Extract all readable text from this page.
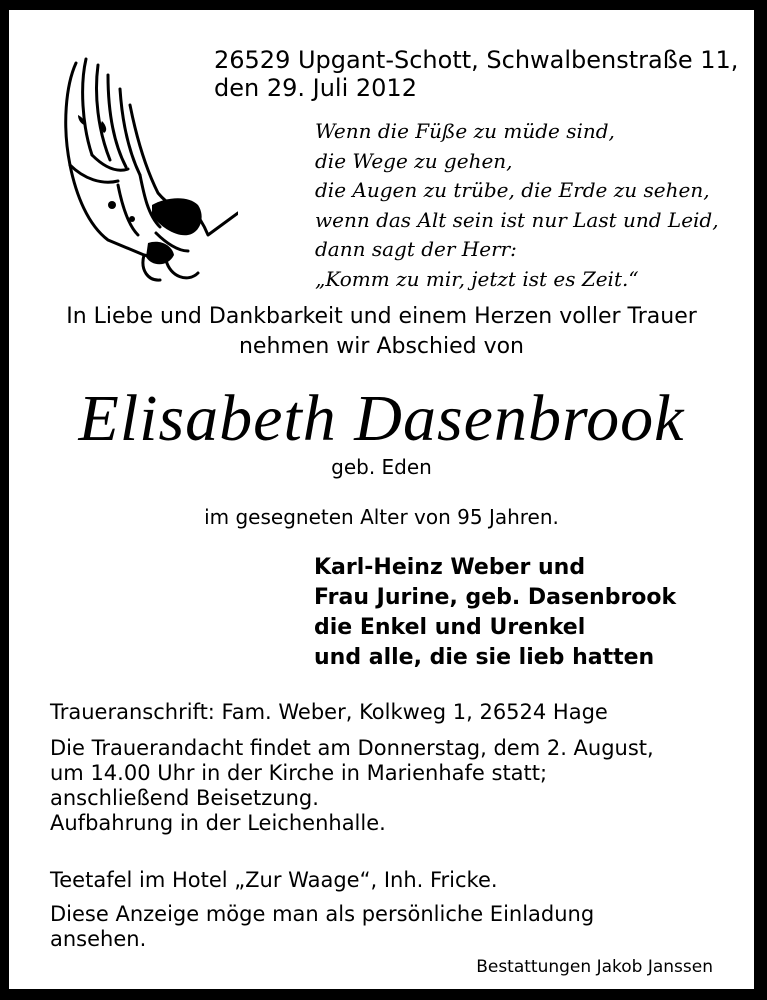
26529 Upgant-Schott, Schwalbenstraße 11,

den 29. Juli 2012

Wenn die Füße zu müde sind,
die Wege zu gehen,
die Augen zu trübe, die Erde zu sehen,
wenn das Alt sein ist nur Last und Leid,
dann sagt der Herr:
„Komm zu mir, jetzt ist es Zeit.“
In Liebe und Dankbarkeit und einem Herzen voller Trauer
nehmen wir Abschied von

Elisabeth Dasenbrook

geb. Eden

im gesegneten Alter von 95 Jahren.

Karl-Heinz Weber und
Frau Jurine, geb. Dasenbrook
die Enkel und Urenkel
und alle, die sie lieb hatten

Traueranschrift: Fam. Weber, Kolkweg 1, 26524 Hage

Die Trauerandacht findet am Donnerstag, dem 2. August,
um 14.00 Uhr in der Kirche in Marienhafe statt;
anschließend Beisetzung.
Aufbahrung in der Leichenhalle.

Teetafel im Hotel „Zur Waage“, Inh. Fricke.

Diese Anzeige möge man als persönliche Einladung
ansehen.

Bestattungen Jakob Janssen
